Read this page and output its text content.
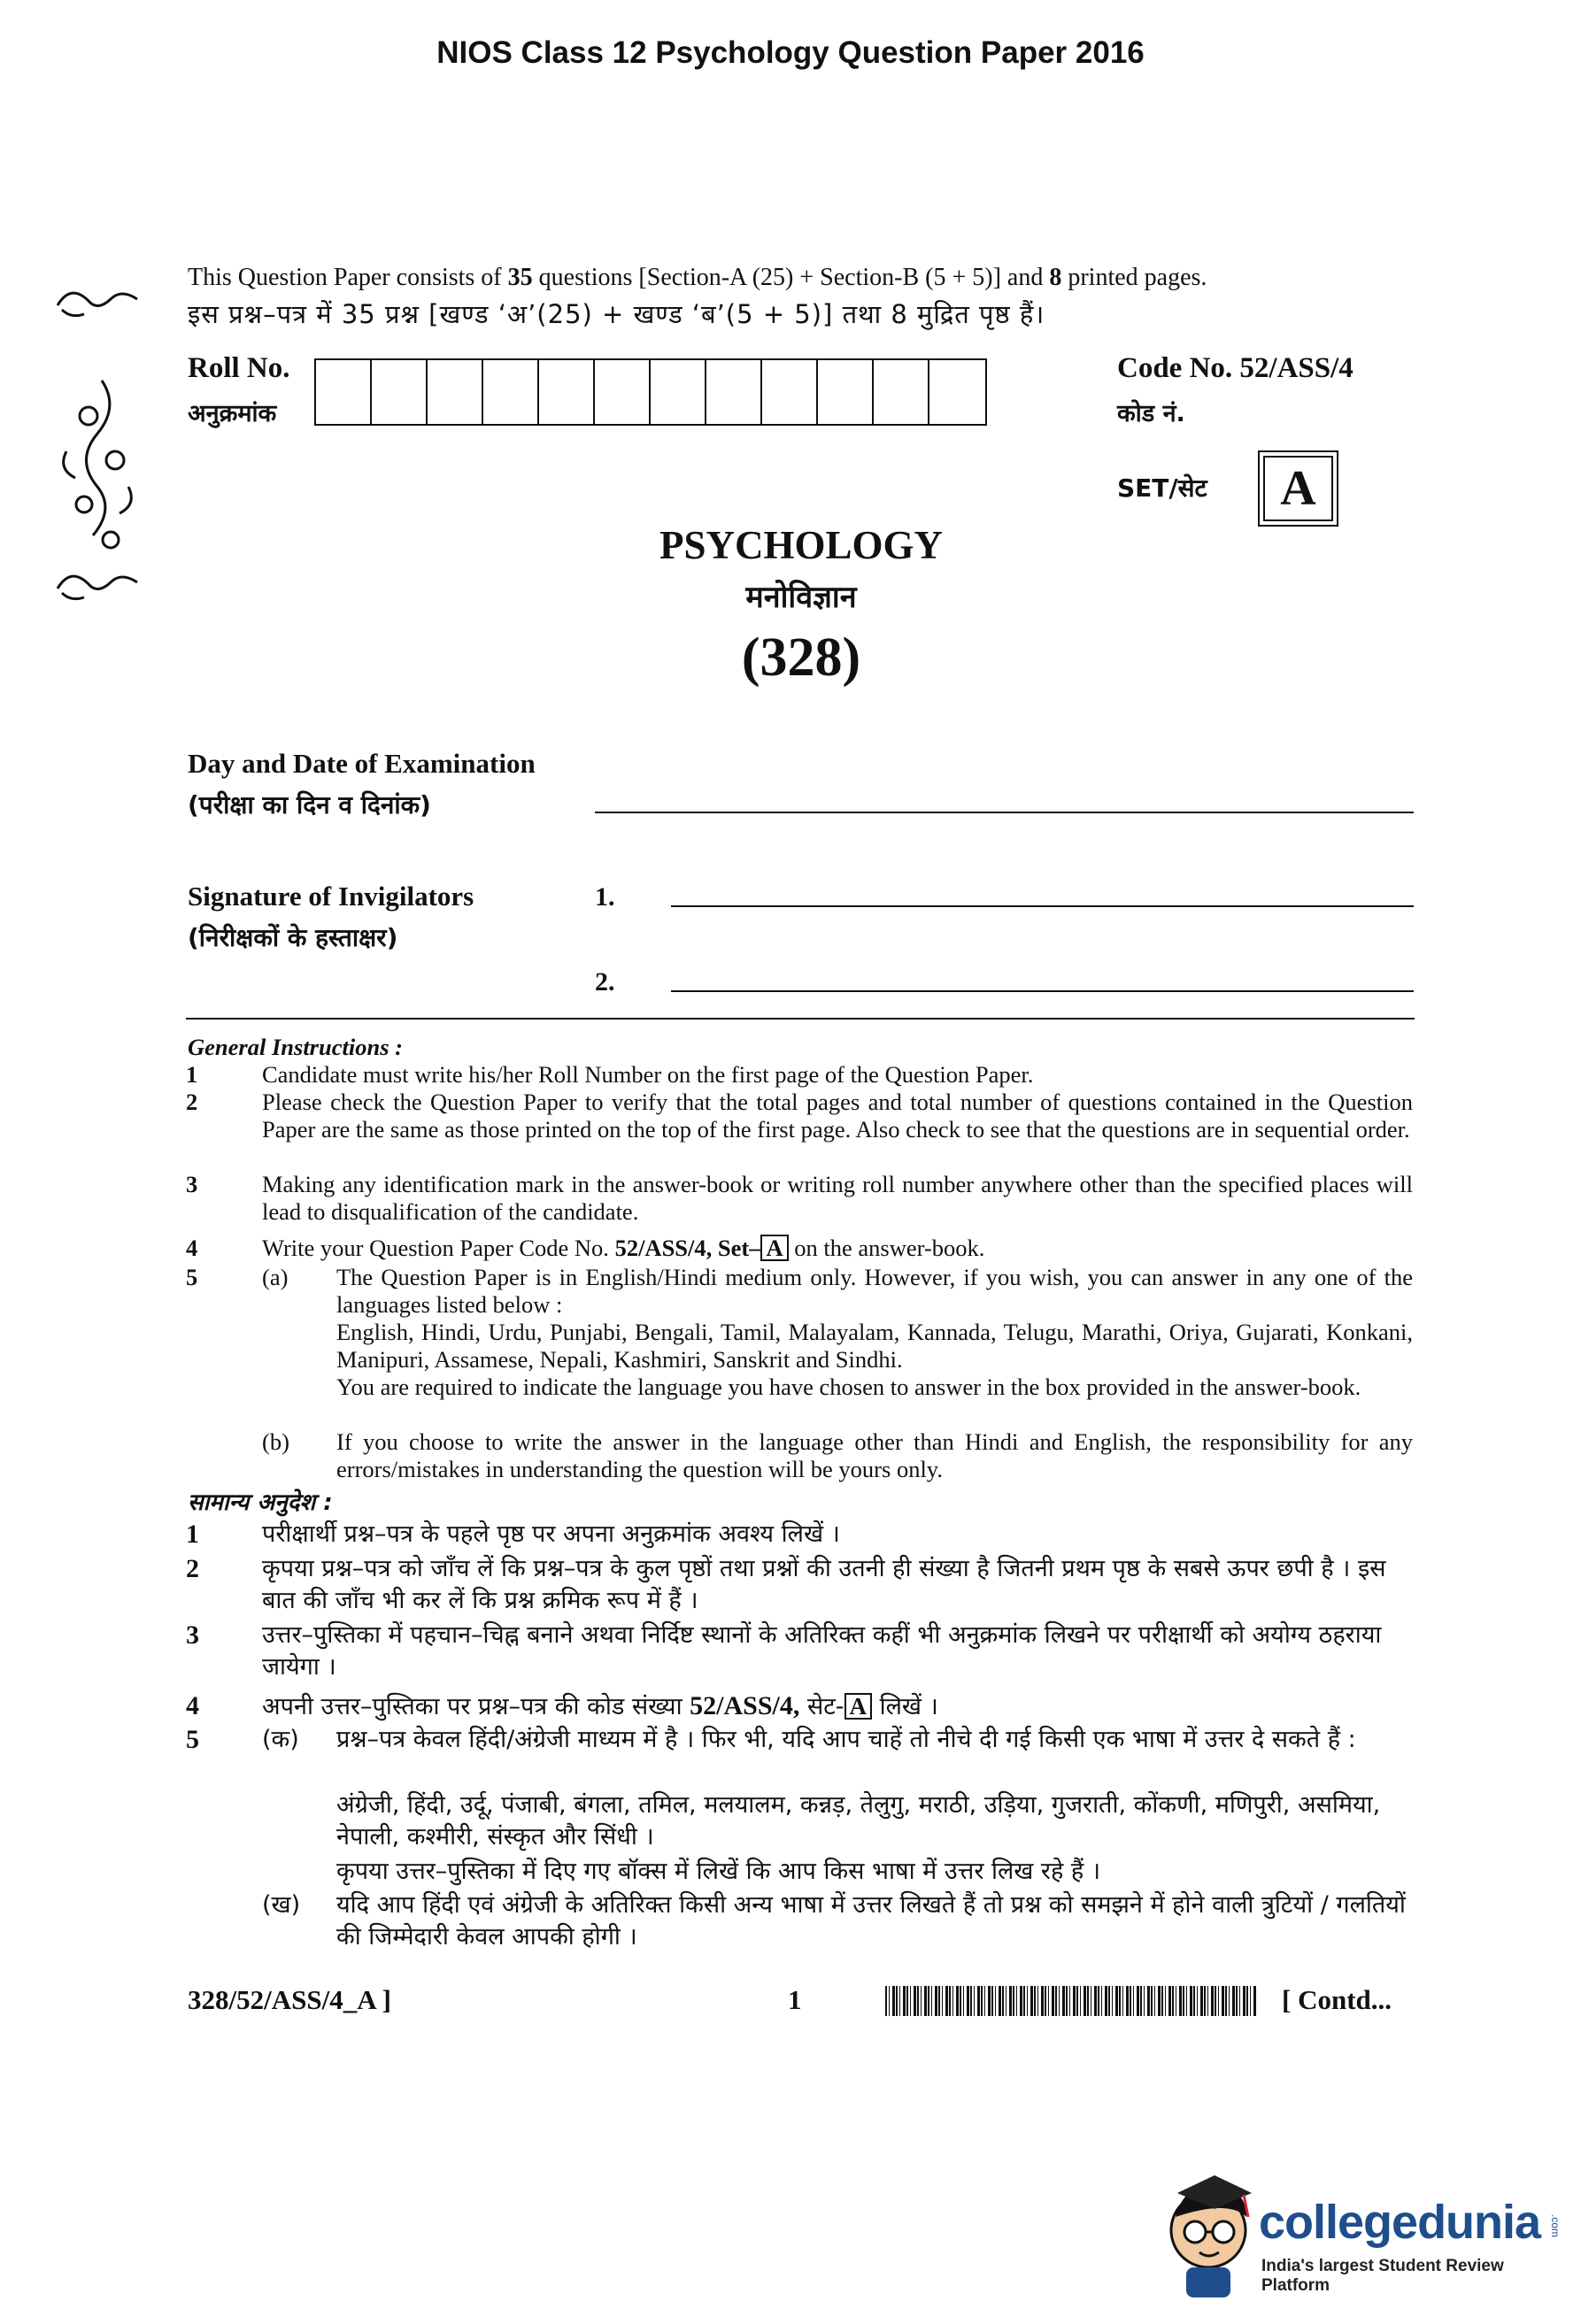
NIOS Class 12 Psychology Question Paper 2016
This Question Paper consists of 35 questions [Section-A (25) + Section-B (5 + 5)] and 8 printed pages.
इस प्रश्न–पत्र में 35 प्रश्न [खण्ड ‘अ’(25) + खण्ड ‘ब’(5 + 5)] तथा 8 मुद्रित पृष्ठ हैं।
Roll No.
अनुक्रमांक
Code No. 52/ASS/4
कोड नं.
SET/सेट	A
PSYCHOLOGY
मनोविज्ञान
(328)
Day and Date of Examination
(परीक्षा का दिन व दिनांक)
Signature of Invigilators
(निरीक्षकों के हस्ताक्षर)
1.
2.
General Instructions :
1	Candidate must write his/her Roll Number on the first page of the Question Paper.
2	Please check the Question Paper to verify that the total pages and total number of questions contained in the Question Paper are the same as those printed on the top of the first page. Also check to see that the questions are in sequential order.
3	Making any identification mark in the answer-book or writing roll number anywhere other than the specified places will lead to disqualification of the candidate.
4	Write your Question Paper Code No. 52/ASS/4, Set– A on the answer-book.
5	(a) The Question Paper is in English/Hindi medium only. However, if you wish, you can answer in any one of the languages listed below :
English, Hindi, Urdu, Punjabi, Bengali, Tamil, Malayalam, Kannada, Telugu, Marathi, Oriya, Gujarati, Konkani, Manipuri, Assamese, Nepali, Kashmiri, Sanskrit and Sindhi.
You are required to indicate the language you have chosen to answer in the box provided in the answer-book.
(b) If you choose to write the answer in the language other than Hindi and English, the responsibility for any errors/mistakes in understanding the question will be yours only.
सामान्य अनुदेश :
1	परीक्षार्थी प्रश्न–पत्र के पहले पृष्ठ पर अपना अनुक्रमांक अवश्य लिखें ।
2	कृपया प्रश्न–पत्र को जाँच लें कि प्रश्न–पत्र के कुल पृष्ठों तथा प्रश्नों की उतनी ही संख्या है जितनी प्रथम पृष्ठ के सबसे ऊपर छपी है । इस बात की जाँच भी कर लें कि प्रश्न क्रमिक रूप में हैं ।
3	उत्तर–पुस्तिका में पहचान–चिह्न बनाने अथवा निर्दिष्ट स्थानों के अतिरिक्त कहीं भी अनुक्रमांक लिखने पर परीक्षार्थी को अयोग्य ठहराया जायेगा ।
4	अपनी उत्तर–पुस्तिका पर प्रश्न–पत्र की कोड संख्या 52/ASS/4, सेट- A लिखें ।
5	(क) प्रश्न–पत्र केवल हिंदी/अंग्रेजी माध्यम में है । फिर भी, यदि आप चाहें तो नीचे दी गई किसी एक भाषा में उत्तर दे सकते हैं :
अंग्रेजी, हिंदी, उर्दू, पंजाबी, बंगला, तमिल, मलयालम, कन्नड़, तेलुगु, मराठी, उड़िया, गुजराती, कोंकणी, मणिपुरी, असमिया, नेपाली, कश्मीरी, संस्कृत और सिंधी ।
कृपया उत्तर–पुस्तिका में दिए गए बॉक्स में लिखें कि आप किस भाषा में उत्तर लिख रहे हैं ।
(ख) यदि आप हिंदी एवं अंग्रेजी के अतिरिक्त किसी अन्य भाषा में उत्तर लिखते हैं तो प्रश्न को समझने में होने वाली त्रुटियों / गलतियों की जिम्मेदारी केवल आपकी होगी ।
328/52/ASS/4_A ]	1	[ Contd...
collegedunia .com
India's largest Student Review Platform
